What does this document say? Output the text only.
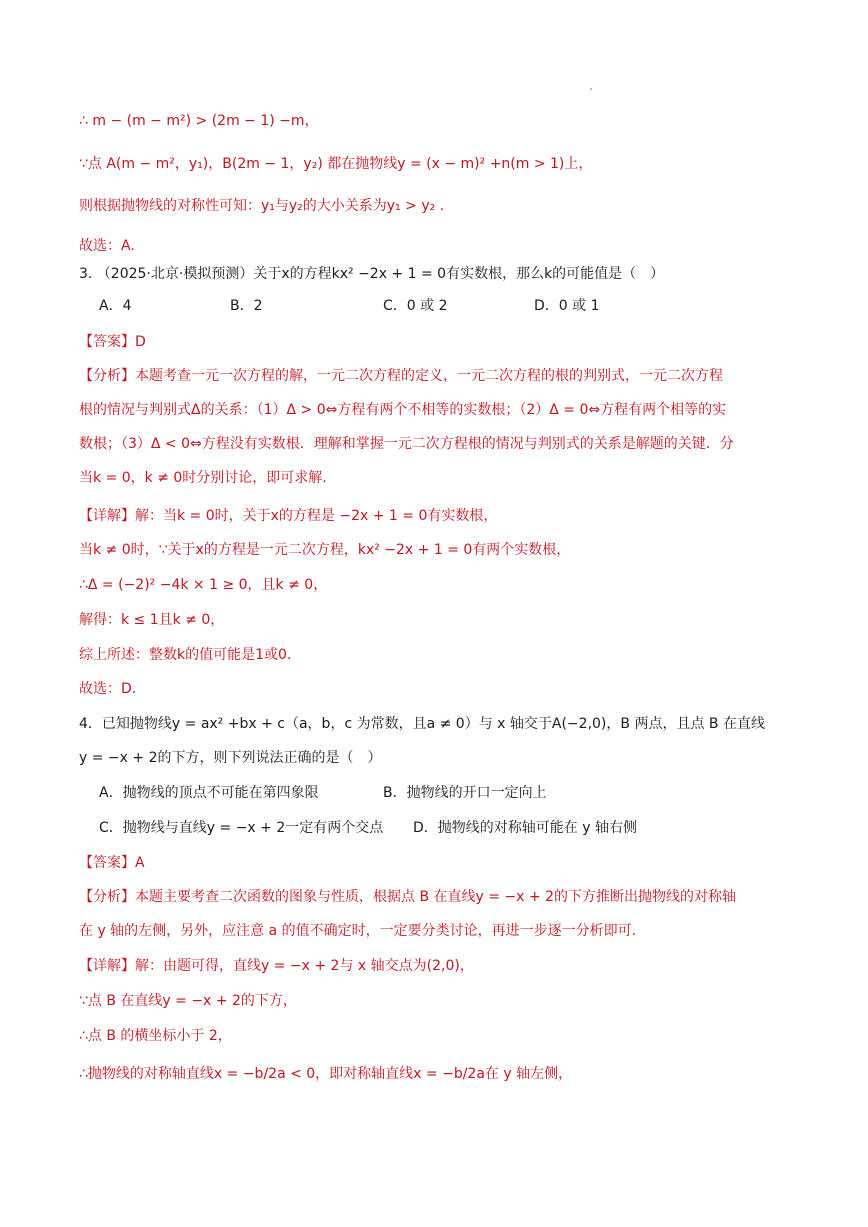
∴ m − (m − m²) > (2m − 1) −m，
∵点 A(m − m²，y₁)，B(2m − 1，y₂) 都在抛物线y = (x − m)² +n(m > 1)上，
则根据抛物线的对称性可知：y₁与y₂的大小关系为y₁ > y₂ .
故选：A.
3. （2025·北京·模拟预测）关于x的方程kx² −2x + 1 = 0有实数根，那么k的可能值是（　）
A．4	B．2	C．0 或 2	D．0 或 1
【答案】D
【分析】本题考查一元一次方程的解，一元二次方程的定义，一元二次方程的根的判别式，一元二次方程
根的情况与判别式Δ的关系：（1）Δ > 0⇔方程有两个不相等的实数根；（2）Δ = 0⇔方程有两个相等的实
数根；（3）Δ < 0⇔方程没有实数根．理解和掌握一元二次方程根的情况与判别式的关系是解题的关键．分
当k = 0，k ≠ 0时分别讨论，即可求解.
【详解】解：当k = 0时，关于x的方程是 −2x + 1 = 0有实数根，
当k ≠ 0时，∵关于x的方程是一元二次方程，kx² −2x + 1 = 0有两个实数根，
∴Δ = (−2)² −4k × 1 ≥ 0，且k ≠ 0，
解得：k ≤ 1且k ≠ 0，
综上所述：整数k的值可能是1或0.
故选：D.
4．已知抛物线y = ax² +bx + c（a，b，c 为常数，且a ≠ 0）与 x 轴交于A(−2,0)，B 两点，且点 B 在直线
y = −x + 2的下方，则下列说法正确的是（　）
A．抛物线的顶点不可能在第四象限	B．抛物线的开口一定向上
C．抛物线与直线y = −x + 2一定有两个交点 D．抛物线的对称轴可能在 y 轴右侧
【答案】A
【分析】本题主要考查二次函数的图象与性质，根据点 B 在直线y = −x + 2的下方推断出抛物线的对称轴
在 y 轴的左侧，另外，应注意 a 的值不确定时，一定要分类讨论，再进一步逐一分析即可.
【详解】解：由题可得，直线y = −x + 2与 x 轴交点为(2,0)，
∵点 B 在直线y = −x + 2的下方，
∴点 B 的横坐标小于 2，
∴抛物线的对称轴直线x = −b/2a < 0，即对称轴直线x = −b/2a在 y 轴左侧，
